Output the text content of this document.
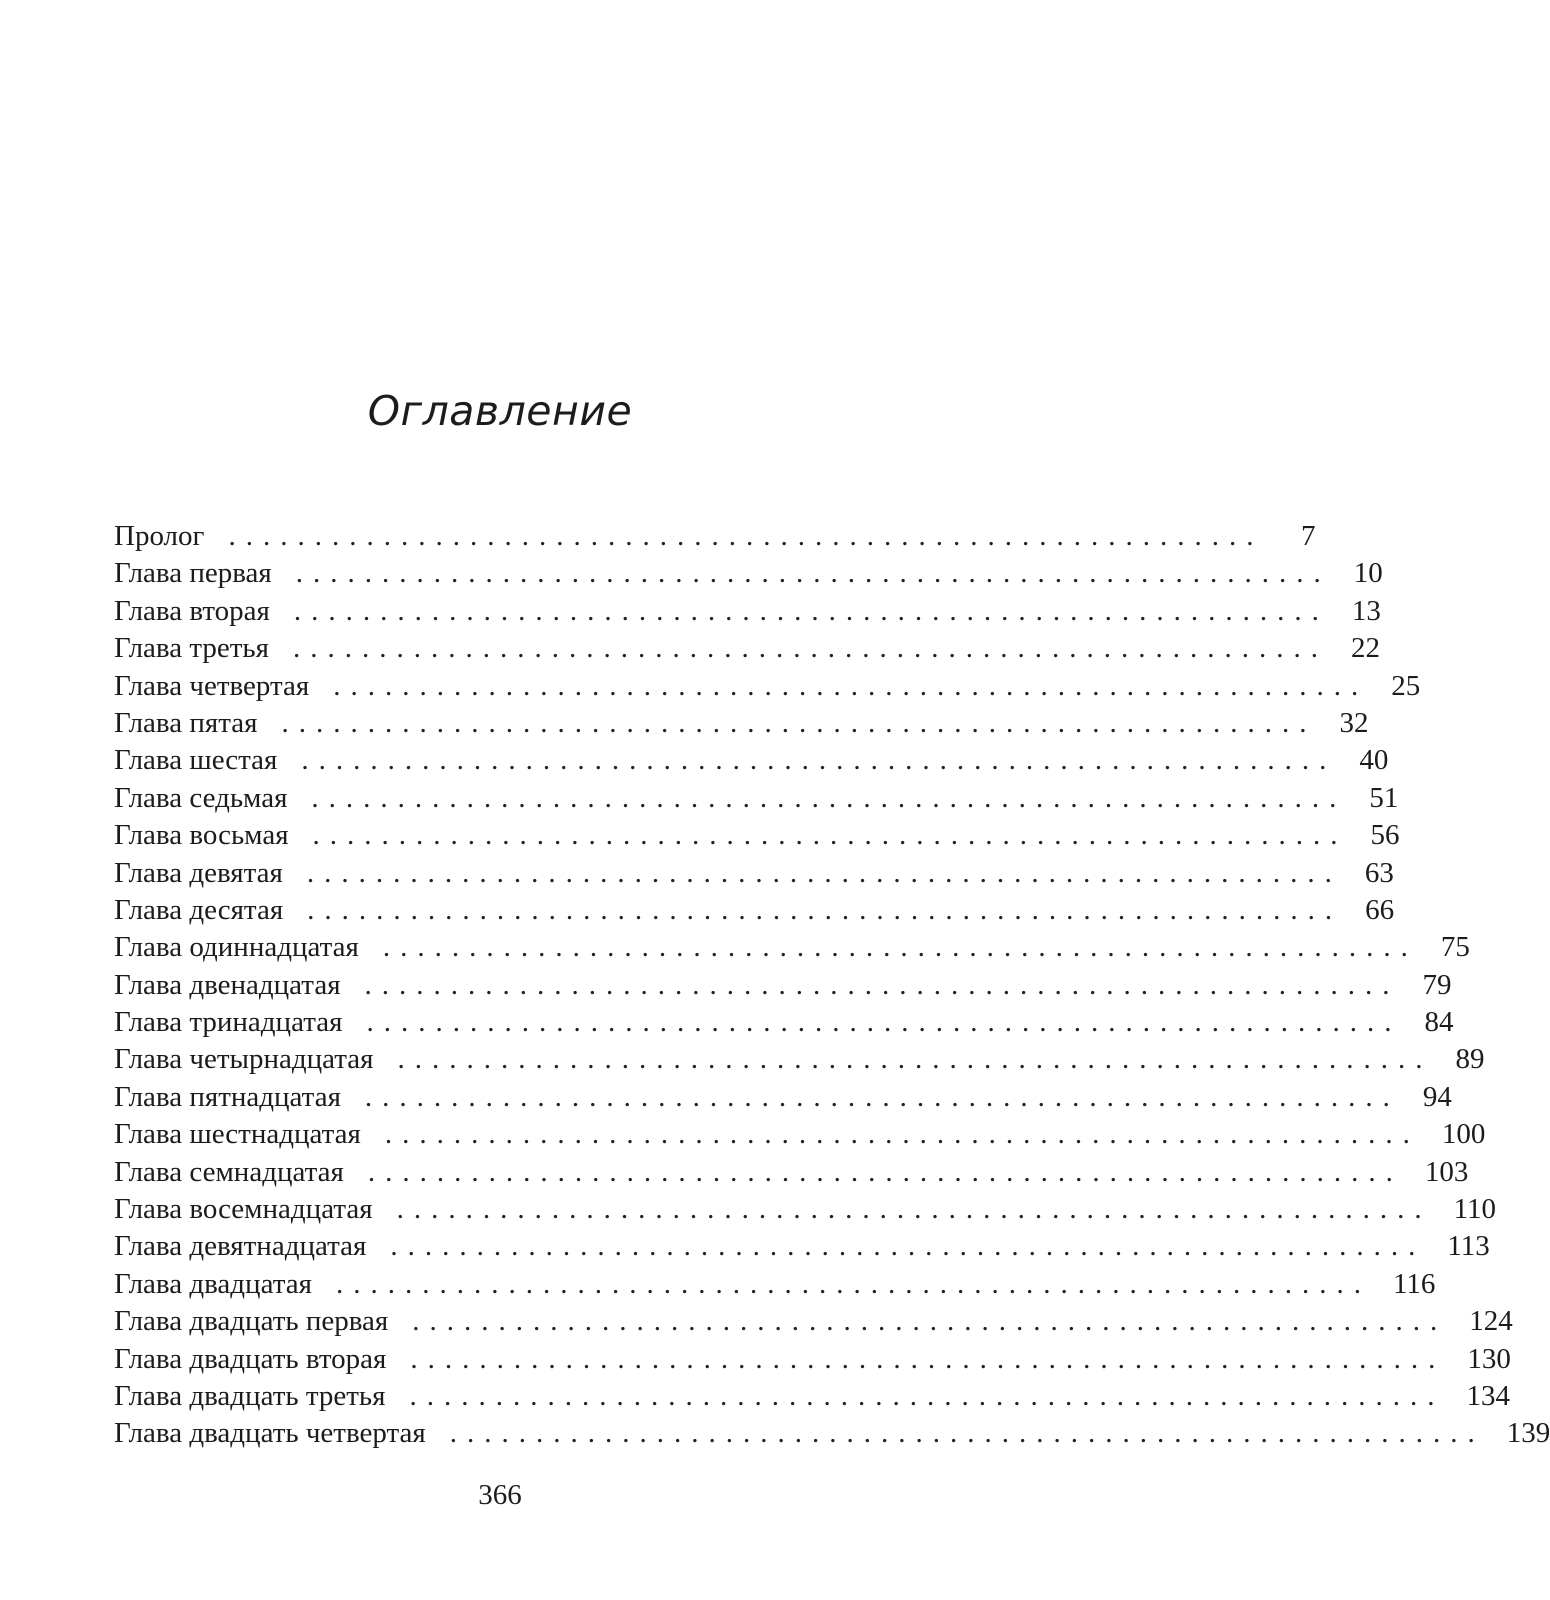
Оглавление
Пролог ............................................................	7
Глава первая ............................................................ 10
Глава вторая ............................................................ 13
Глава третья ............................................................ 22
Глава четвертая ............................................................ 25
Глава пятая ............................................................ 32
Глава шестая ............................................................ 40
Глава седьмая ............................................................ 51
Глава восьмая ............................................................ 56
Глава девятая ............................................................ 63
Глава десятая ............................................................ 66
Глава одиннадцатая ............................................................ 75
Глава двенадцатая ............................................................ 79
Глава тринадцатая ............................................................ 84
Глава четырнадцатая ............................................................ 89
Глава пятнадцатая ............................................................ 94
Глава шестнадцатая ............................................................ 100
Глава семнадцатая ............................................................ 103
Глава восемнадцатая ............................................................ 110
Глава девятнадцатая ............................................................ 113
Глава двадцатая ............................................................ 116
Глава двадцать первая ............................................................ 124
Глава двадцать вторая ............................................................ 130
Глава двадцать третья ............................................................ 134
Глава двадцать четвертая ............................................................ 139
366
